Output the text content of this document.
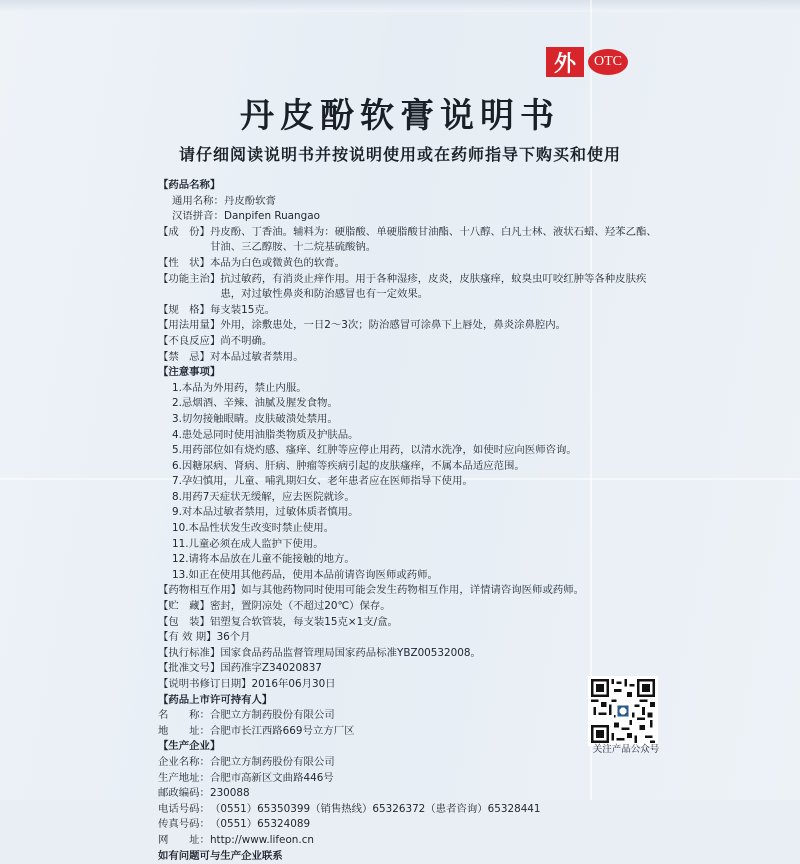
外	OTC
丹皮酚软膏说明书
请仔细阅读说明书并按说明使用或在药师指导下购买和使用
【药品名称】
通用名称： 丹皮酚软膏
汉语拼音： Danpifen Ruangao
【成　份】 丹皮酚、丁香油。辅料为：硬脂酸、单硬脂酸甘油酯、十八醇、白凡士林、液状石蜡、羟苯乙酯、甘油、三乙醇胺、十二烷基硫酸钠。
【性　状】 本品为白色或微黄色的软膏。
【功能主治】 抗过敏药，有消炎止痒作用。用于各种湿疹，皮炎，皮肤瘙痒，蚊臭虫叮咬红肿等各种皮肤疾患，对过敏性鼻炎和防治感冒也有一定效果。
【规　格】 每支装15克。
【用法用量】 外用，涂敷患处，一日2～3次；防治感冒可涂鼻下上唇处，鼻炎涂鼻腔内。
【不良反应】 尚不明确。
【禁　忌】 对本品过敏者禁用。
【注意事项】
1.本品为外用药，禁止内服。
2.忌烟酒、辛辣、油腻及腥发食物。
3.切勿接触眼睛。皮肤破溃处禁用。
4.患处忌同时使用油脂类物质及护肤品。
5.用药部位如有烧灼感、瘙痒、红肿等应停止用药，以清水洗净，如使时应向医师咨询。
6.因糖尿病、肾病、肝病、肿瘤等疾病引起的皮肤瘙痒，不属本品适应范围。
7.孕妇慎用，儿童、哺乳期妇女、老年患者应在医师指导下使用。
8.用药7天症状无缓解，应去医院就诊。
9.对本品过敏者禁用，过敏体质者慎用。
10.本品性状发生改变时禁止使用。
11.儿童必须在成人监护下使用。
12.请将本品放在儿童不能接触的地方。
13.如正在使用其他药品，使用本品前请咨询医师或药师。
【药物相互作用】 如与其他药物同时使用可能会发生药物相互作用，详情请咨询医师或药师。
【贮　藏】 密封，置阴凉处（不超过20℃）保存。
【包　装】 铝塑复合软管装，每支装15克×1支/盒。
【有 效 期】 36个月
【执行标准】 国家食品药品监督管理局国家药品标准YBZ00532008。
【批准文号】 国药准字Z34020837
【说明书修订日期】 2016年06月30日
【药品上市许可持有人】
名　　称： 合肥立方制药股份有限公司
地　　址： 合肥市长江西路669号立方厂区
【生产企业】
企业名称： 合肥立方制药股份有限公司
生产地址： 合肥市高新区文曲路446号
邮政编码： 230088
电话号码： （0551）65350399（销售热线）65326372（患者咨询）65328441
传真号码： （0551）65324089
网　　址： http://www.lifeon.cn
如有问题可与生产企业联系
关注产品公众号
